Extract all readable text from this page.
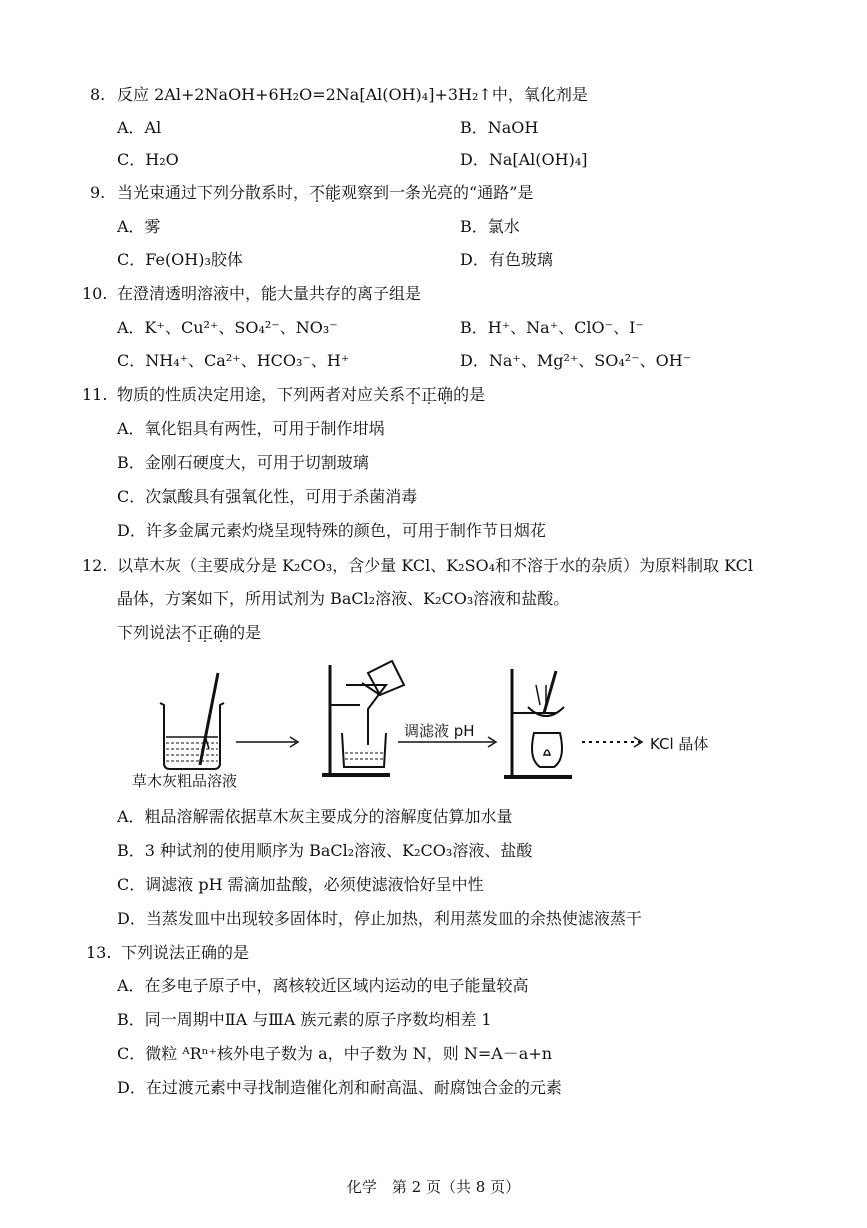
8. 反应 2Al+2NaOH+6H₂O=2Na[Al(OH)₄]+3H₂↑中，氧化剂是
A．Al	B．NaOH
C．H₂O	D．Na[Al(OH)₄]
9. 当光束通过下列分散系时，不能观察到一条光亮的“通路”是
A．雾	B．氯水
C．Fe(OH)₃胶体	D．有色玻璃
10. 在澄清透明溶液中，能大量共存的离子组是
A．K⁺、Cu²⁺、SO₄²⁻、NO₃⁻	B．H⁺、Na⁺、ClO⁻、I⁻
C．NH₄⁺、Ca²⁺、HCO₃⁻、H⁺	D．Na⁺、Mg²⁺、SO₄²⁻、OH⁻
11. 物质的性质决定用途，下列两者对应关系不正确的是
A．氧化铝具有两性，可用于制作坩埚
B．金刚石硬度大，可用于切割玻璃
C．次氯酸具有强氧化性，可用于杀菌消毒
D．许多金属元素灼烧呈现特殊的颜色，可用于制作节日烟花
12. 以草木灰（主要成分是 K₂CO₃，含少量 KCl、K₂SO₄和不溶于水的杂质）为原料制取 KCl
晶体，方案如下，所用试剂为 BaCl₂溶液、K₂CO₃溶液和盐酸。
下列说法不正确的是
草木灰粗品溶液
调滤液 pH
KCl 晶体
A．粗品溶解需依据草木灰主要成分的溶解度估算加水量
B．3 种试剂的使用顺序为 BaCl₂溶液、K₂CO₃溶液、盐酸
C．调滤液 pH 需滴加盐酸，必须使滤液恰好呈中性
D．当蒸发皿中出现较多固体时，停止加热，利用蒸发皿的余热使滤液蒸干
13. 下列说法正确的是
A．在多电子原子中，离核较近区域内运动的电子能量较高
B．同一周期中ⅡA 与ⅢA 族元素的原子序数均相差 1
C．微粒 ᴬRⁿ⁺核外电子数为 a，中子数为 N，则 N=A－a+n
D．在过渡元素中寻找制造催化剂和耐高温、耐腐蚀合金的元素
化学　第 2 页（共 8 页）
